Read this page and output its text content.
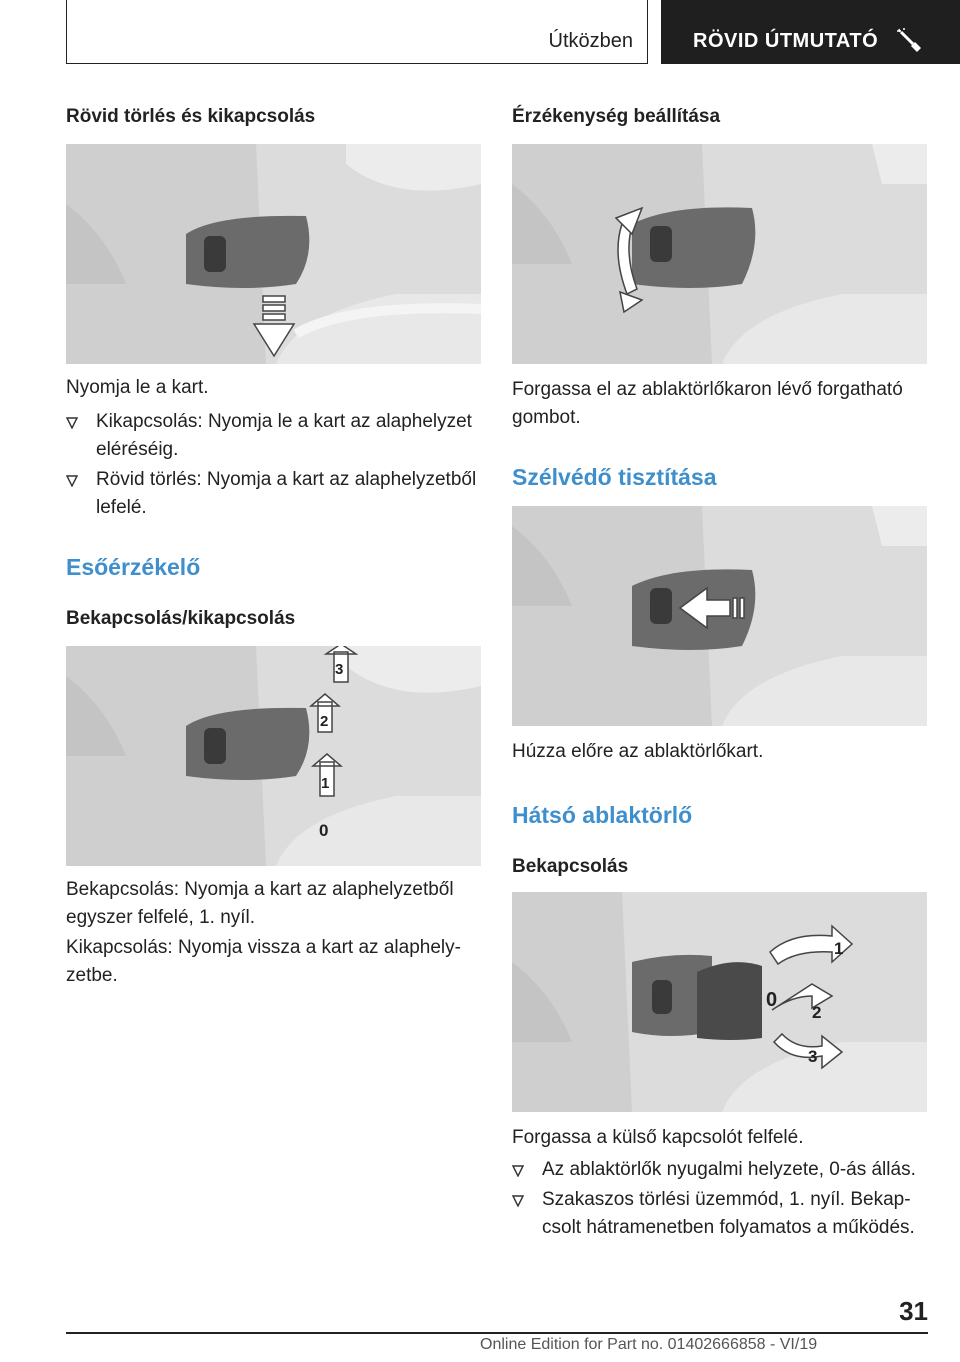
Útközben	RÖVID ÚTMUTATÓ
Rövid törlés és kikapcsolás
Nyomja le a kart.
Kikapcsolás: Nyomja le a kart az alaphelyzet eléréséig.
Rövid törlés: Nyomja a kart az alaphelyzetből lefelé.
Esőérzékelő
Bekapcsolás/kikapcsolás
3
2
1
0
Bekapcsolás: Nyomja a kart az alaphelyzetből egyszer felfelé, 1. nyíl.
Kikapcsolás: Nyomja vissza a kart az alaphelyzetbe.
Érzékenység beállítása
Forgassa el az ablaktörlőkaron lévő forgatható gombot.
Szélvédő tisztítása
Húzza előre az ablaktörlőkart.
Hátsó ablaktörlő
Bekapcsolás
1
0
2
3
Forgassa a külső kapcsolót felfelé.
Az ablaktörlők nyugalmi helyzete, 0-ás állás.
Szakaszos törlési üzemmód, 1. nyíl. Bekapcsolt hátramenetben folyamatos a működés.
31
Online Edition for Part no. 01402666858 - VI/19
